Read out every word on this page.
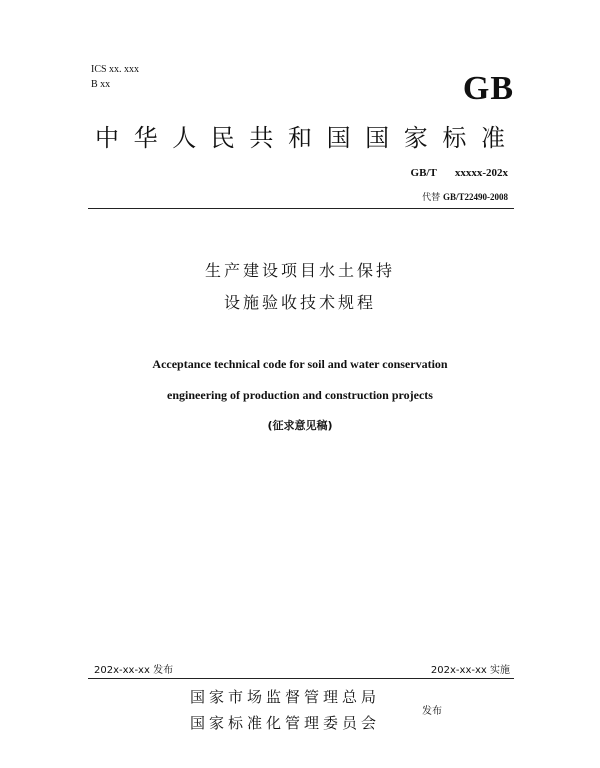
ICS xx. xxx
B xx	GB
中 华 人 民 共 和 国 国 家 标 准
GB/T xxxxx-202x
代替 GB/T22490-2008
生产建设项目水土保持
设施验收技术规程
Acceptance technical code for soil and water conservation
engineering of production and construction projects
(征求意见稿)
202x-xx-xx 发布	202x-xx-xx 实施
国家市场监督管理总局
国家标准化管理委员会
发布
